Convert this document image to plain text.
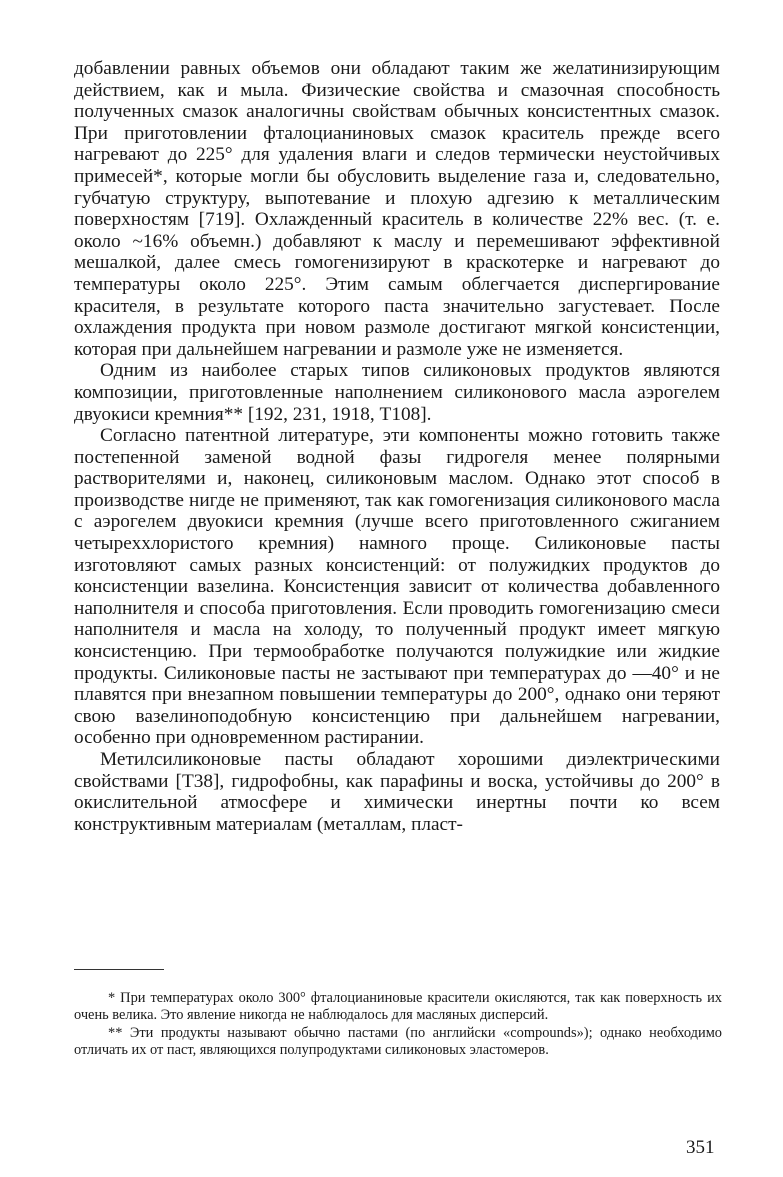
добавлении равных объемов они обладают таким же желатинизирующим действием, как и мыла. Физические свойства и смазочная способность полученных смазок аналогичны свойствам обычных консистентных смазок. При приготовлении фталоцианиновых смазок краситель прежде всего нагревают до 225° для удаления влаги и следов термически неустойчивых примесей*, которые могли бы обусловить выделение газа и, следовательно, губчатую структуру, выпотевание и плохую адгезию к металлическим поверхностям [719]. Охлажденный краситель в количестве 22% вес. (т. е. около ~16% объемн.) добавляют к маслу и перемешивают эффективной мешалкой, далее смесь гомогенизируют в краскотерке и нагревают до температуры около 225°. Этим самым облегчается диспергирование красителя, в результате которого паста значительно загустевает. После охлаждения продукта при новом размоле достигают мягкой консистенции, которая при дальнейшем нагревании и размоле уже не изменяется.

Одним из наиболее старых типов силиконовых продуктов являются композиции, приготовленные наполнением силиконового масла аэрогелем двуокиси кремния** [192, 231, 1918, T108].

Согласно патентной литературе, эти компоненты можно готовить также постепенной заменой водной фазы гидрогеля менее полярными растворителями и, наконец, силиконовым маслом. Однако этот способ в производстве нигде не применяют, так как гомогенизация силиконового масла с аэрогелем двуокиси кремния (лучше всего приготовленного сжиганием четыреххлористого кремния) намного проще. Силиконовые пасты изготовляют самых разных консистенций: от полужидких продуктов до консистенции вазелина. Консистенция зависит от количества добавленного наполнителя и способа приготовления. Если проводить гомогенизацию смеси наполнителя и масла на холоду, то полученный продукт имеет мягкую консистенцию. При термообработке получаются полужидкие или жидкие продукты. Силиконовые пасты не застывают при температурах до —40° и не плавятся при внезапном повышении температуры до 200°, однако они теряют свою вазелиноподобную консистенцию при дальнейшем нагревании, особенно при одновременном растирании.

Метилсиликоновые пасты обладают хорошими диэлектрическими свойствами [T38], гидрофобны, как парафины и воска, устойчивы до 200° в окислительной атмосфере и химически инертны почти ко всем конструктивным материалам (металлам, пласт-

* При температурах около 300° фталоцианиновые красители окисляются, так как поверхность их очень велика. Это явление никогда не наблюдалось для масляных дисперсий.

** Эти продукты называют обычно пастами (по английски «compounds»); однако необходимо отличать их от паст, являющихся полупродуктами силиконовых эластомеров.

351
